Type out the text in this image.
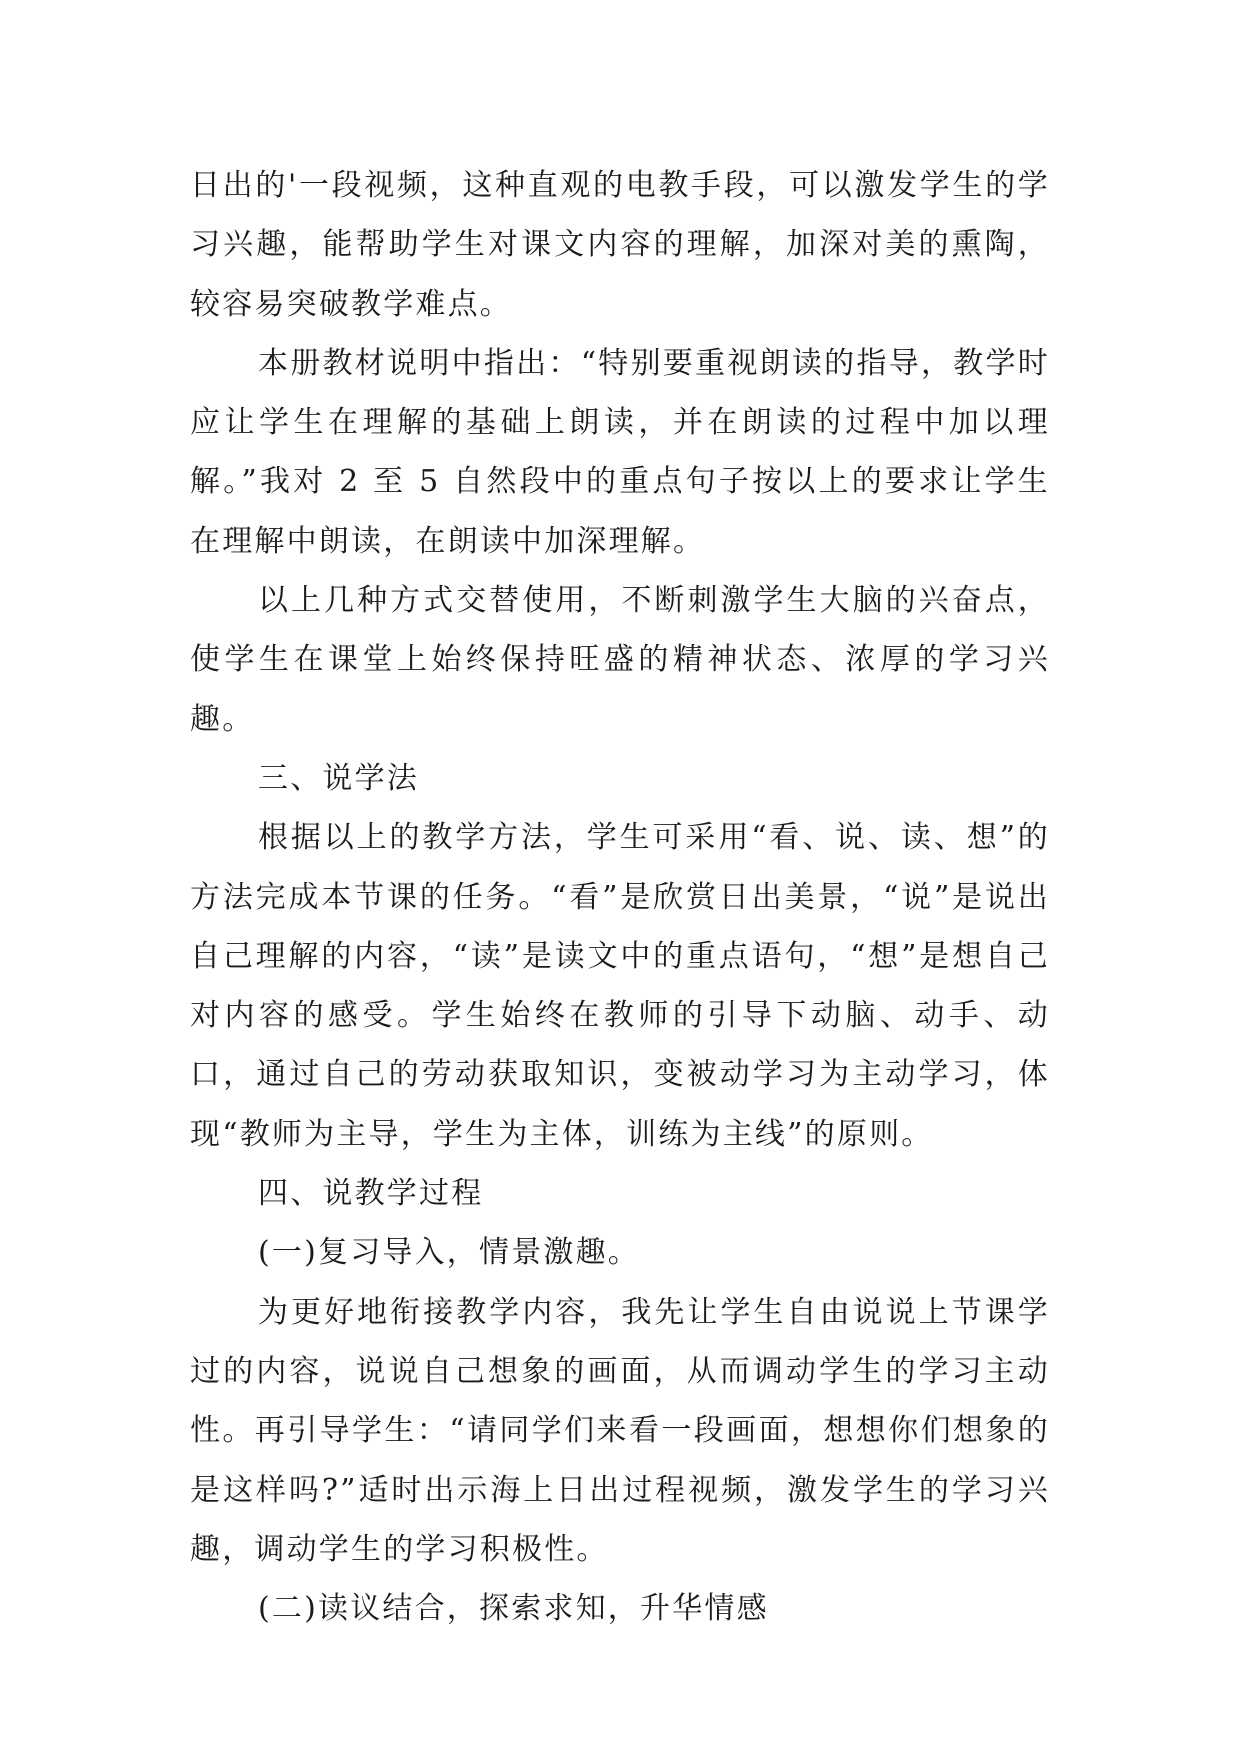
日出的'一段视频，这种直观的电教手段，可以激发学生的学习兴趣，能帮助学生对课文内容的理解，加深对美的熏陶，较容易突破教学难点。

本册教材说明中指出：“特别要重视朗读的指导，教学时应让学生在理解的基础上朗读，并在朗读的过程中加以理解。”我对 2 至 5 自然段中的重点句子按以上的要求让学生在理解中朗读，在朗读中加深理解。

以上几种方式交替使用，不断刺激学生大脑的兴奋点，使学生在课堂上始终保持旺盛的精神状态、浓厚的学习兴趣。

三、说学法

根据以上的教学方法，学生可采用“看、说、读、想”的方法完成本节课的任务。“看”是欣赏日出美景，“说”是说出自己理解的内容，“读”是读文中的重点语句，“想”是想自己对内容的感受。学生始终在教师的引导下动脑、动手、动口，通过自己的劳动获取知识，变被动学习为主动学习，体现“教师为主导，学生为主体，训练为主线”的原则。

四、说教学过程

(一)复习导入，情景激趣。

为更好地衔接教学内容，我先让学生自由说说上节课学过的内容，说说自己想象的画面，从而调动学生的学习主动性。再引导学生：“请同学们来看一段画面，想想你们想象的是这样吗?”适时出示海上日出过程视频，激发学生的学习兴趣，调动学生的学习积极性。

(二)读议结合，探索求知，升华情感
